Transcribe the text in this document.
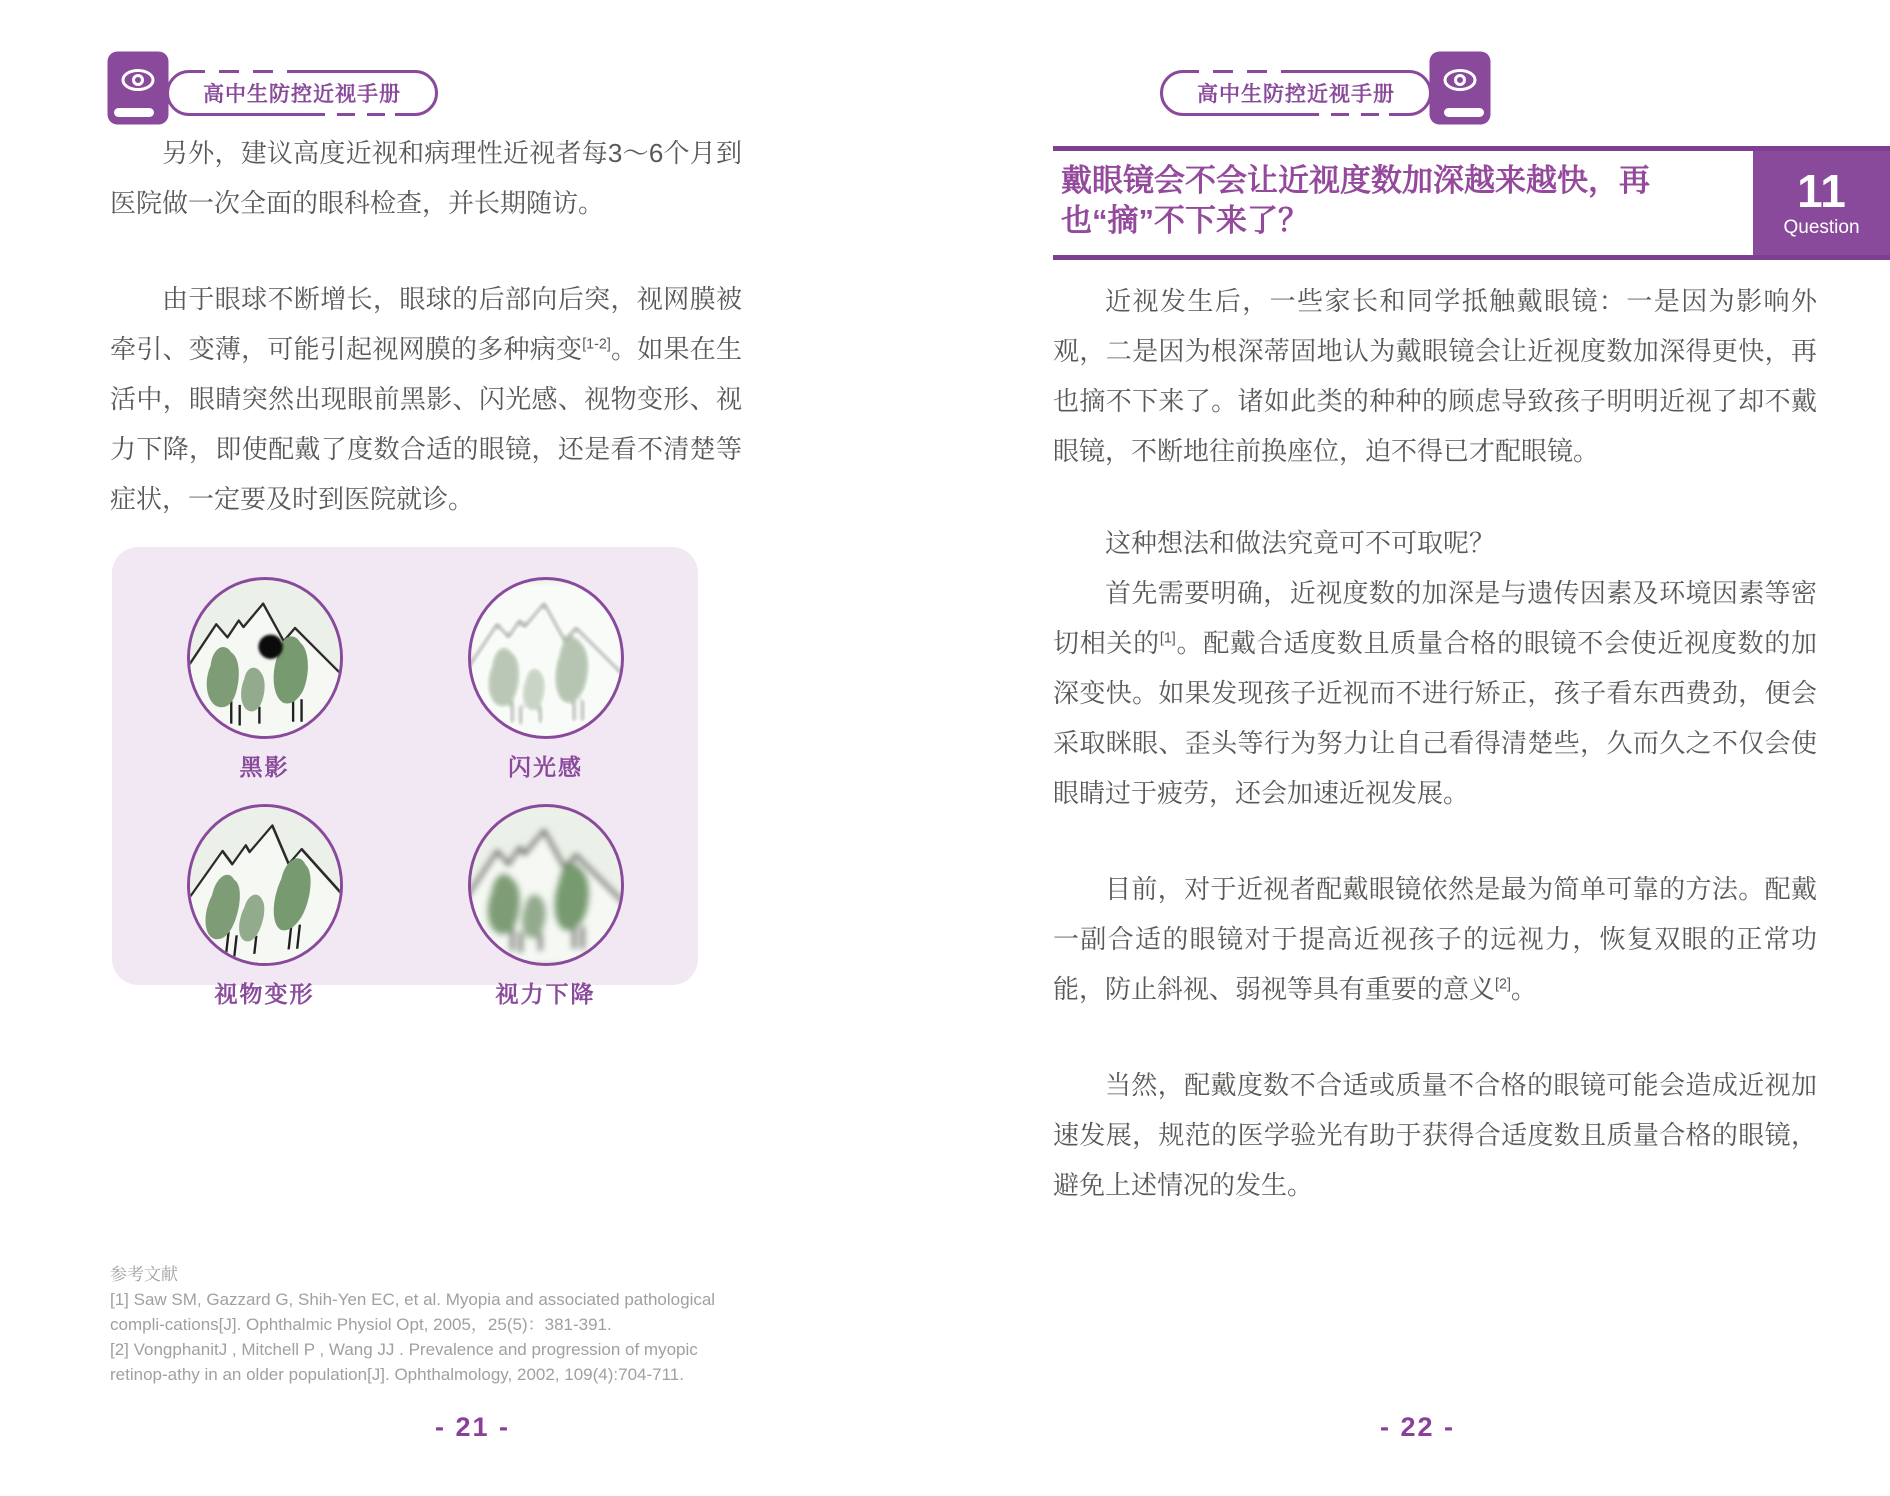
高中生防控近视手册

另外，建议高度近视和病理性近视者每3～6个月到医院做一次全面的眼科检查，并长期随访。

由于眼球不断增长，眼球的后部向后突，视网膜被牵引、变薄，可能引起视网膜的多种病变[1-2]。如果在生活中，眼睛突然出现眼前黑影、闪光感、视物变形、视力下降，即使配戴了度数合适的眼镜，还是看不清楚等症状，一定要及时到医院就诊。

黑影	闪光感
视物变形	视力下降

参考文献

[1] Saw SM, Gazzard G, Shih-Yen EC, et al. Myopia and associated pathological compli-cations[J]. Ophthalmic Physiol Opt, 2005，25(5)：381-391.

[2] VongphanitJ , Mitchell P , Wang JJ . Prevalence and progression of myopic retinop-athy in an older population[J]. Ophthalmology, 2002, 109(4):704-711.

- 21 -
高中生防控近视手册
戴眼镜会不会让近视度数加深越来越快，再也“摘”不下来了？
11
Question

近视发生后，一些家长和同学抵触戴眼镜：一是因为影响外观，二是因为根深蒂固地认为戴眼镜会让近视度数加深得更快，再也摘不下来了。诸如此类的种种的顾虑导致孩子明明近视了却不戴眼镜，不断地往前换座位，迫不得已才配眼镜。

这种想法和做法究竟可不可取呢？

首先需要明确，近视度数的加深是与遗传因素及环境因素等密切相关的[1]。配戴合适度数且质量合格的眼镜不会使近视度数的加深变快。如果发现孩子近视而不进行矫正，孩子看东西费劲，便会采取眯眼、歪头等行为努力让自己看得清楚些，久而久之不仅会使眼睛过于疲劳，还会加速近视发展。

目前，对于近视者配戴眼镜依然是最为简单可靠的方法。配戴一副合适的眼镜对于提高近视孩子的远视力，恢复双眼的正常功能，防止斜视、弱视等具有重要的意义[2]。

当然，配戴度数不合适或质量不合格的眼镜可能会造成近视加速发展，规范的医学验光有助于获得合适度数且质量合格的眼镜，避免上述情况的发生。

- 22 -
